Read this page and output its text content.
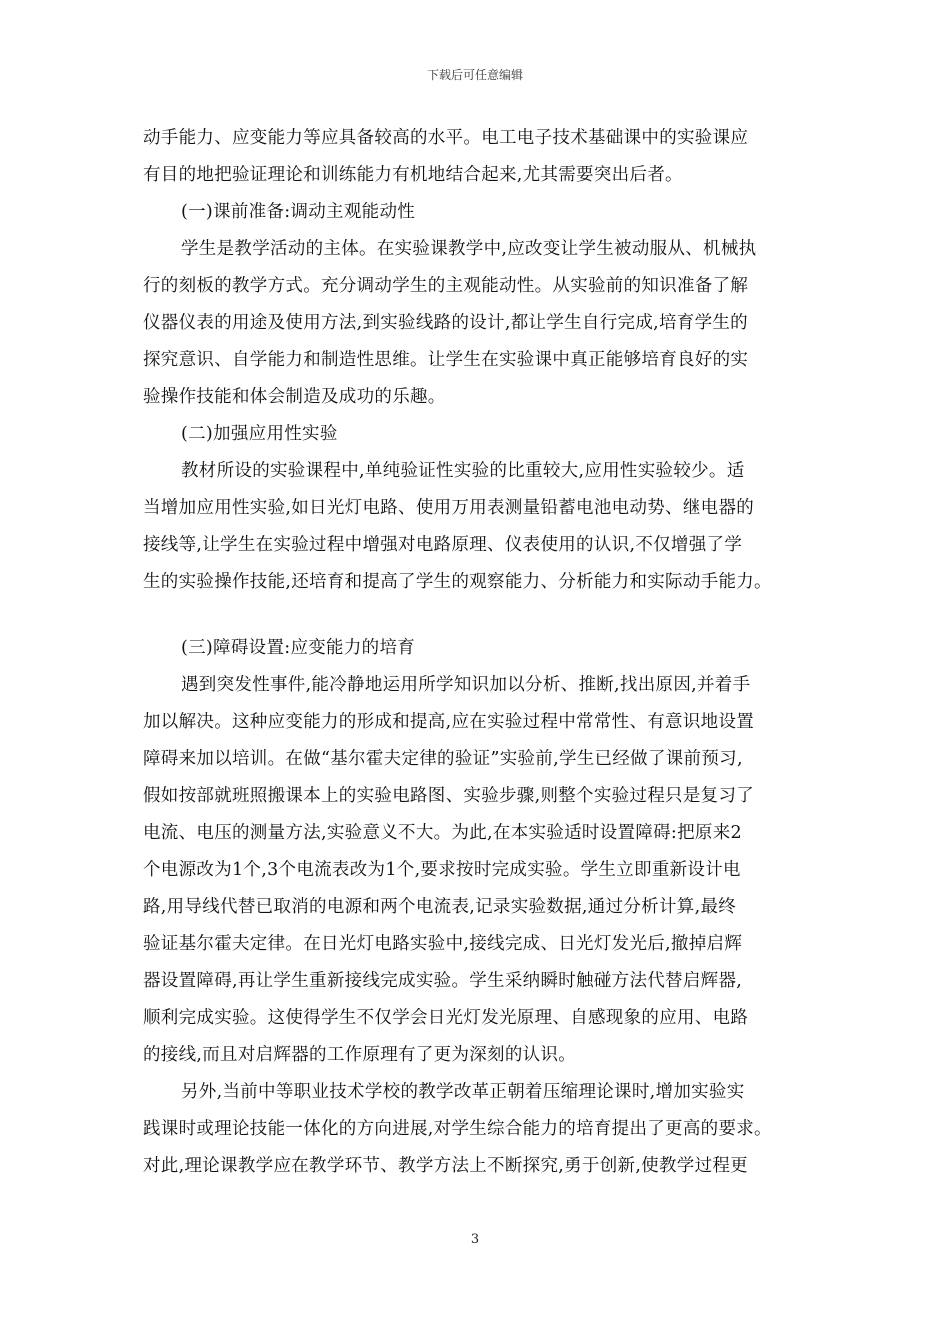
下载后可任意编辑
动手能力、应变能力等应具备较高的水平。电工电子技术基础课中的实验课应
有目的地把验证理论和训练能力有机地结合起来,尤其需要突出后者。
(一)课前准备:调动主观能动性
学生是教学活动的主体。在实验课教学中,应改变让学生被动服从、机械执
行的刻板的教学方式。充分调动学生的主观能动性。从实验前的知识准备了解
仪器仪表的用途及使用方法,到实验线路的设计,都让学生自行完成,培育学生的
探究意识、自学能力和制造性思维。让学生在实验课中真正能够培育良好的实
验操作技能和体会制造及成功的乐趣。
(二)加强应用性实验
教材所设的实验课程中,单纯验证性实验的比重较大,应用性实验较少。适
当增加应用性实验,如日光灯电路、使用万用表测量铅蓄电池电动势、继电器的
接线等,让学生在实验过程中增强对电路原理、仪表使用的认识,不仅增强了学
生的实验操作技能,还培育和提高了学生的观察能力、分析能力和实际动手能力。
(三)障碍设置:应变能力的培育
遇到突发性事件,能冷静地运用所学知识加以分析、推断,找出原因,并着手
加以解决。这种应变能力的形成和提高,应在实验过程中常常性、有意识地设置
障碍来加以培训。在做“基尔霍夫定律的验证”实验前,学生已经做了课前预习,
假如按部就班照搬课本上的实验电路图、实验步骤,则整个实验过程只是复习了
电流、电压的测量方法,实验意义不大。为此,在本实验适时设置障碍:把原来2
个电源改为1个,3个电流表改为1个,要求按时完成实验。学生立即重新设计电
路,用导线代替已取消的电源和两个电流表,记录实验数据,通过分析计算,最终
验证基尔霍夫定律。在日光灯电路实验中,接线完成、日光灯发光后,撤掉启辉
器设置障碍,再让学生重新接线完成实验。学生采纳瞬时触碰方法代替启辉器,
顺利完成实验。这使得学生不仅学会日光灯发光原理、自感现象的应用、电路
的接线,而且对启辉器的工作原理有了更为深刻的认识。
另外,当前中等职业技术学校的教学改革正朝着压缩理论课时,增加实验实
践课时或理论技能一体化的方向进展,对学生综合能力的培育提出了更高的要求。
对此,理论课教学应在教学环节、教学方法上不断探究,勇于创新,使教学过程更
3
